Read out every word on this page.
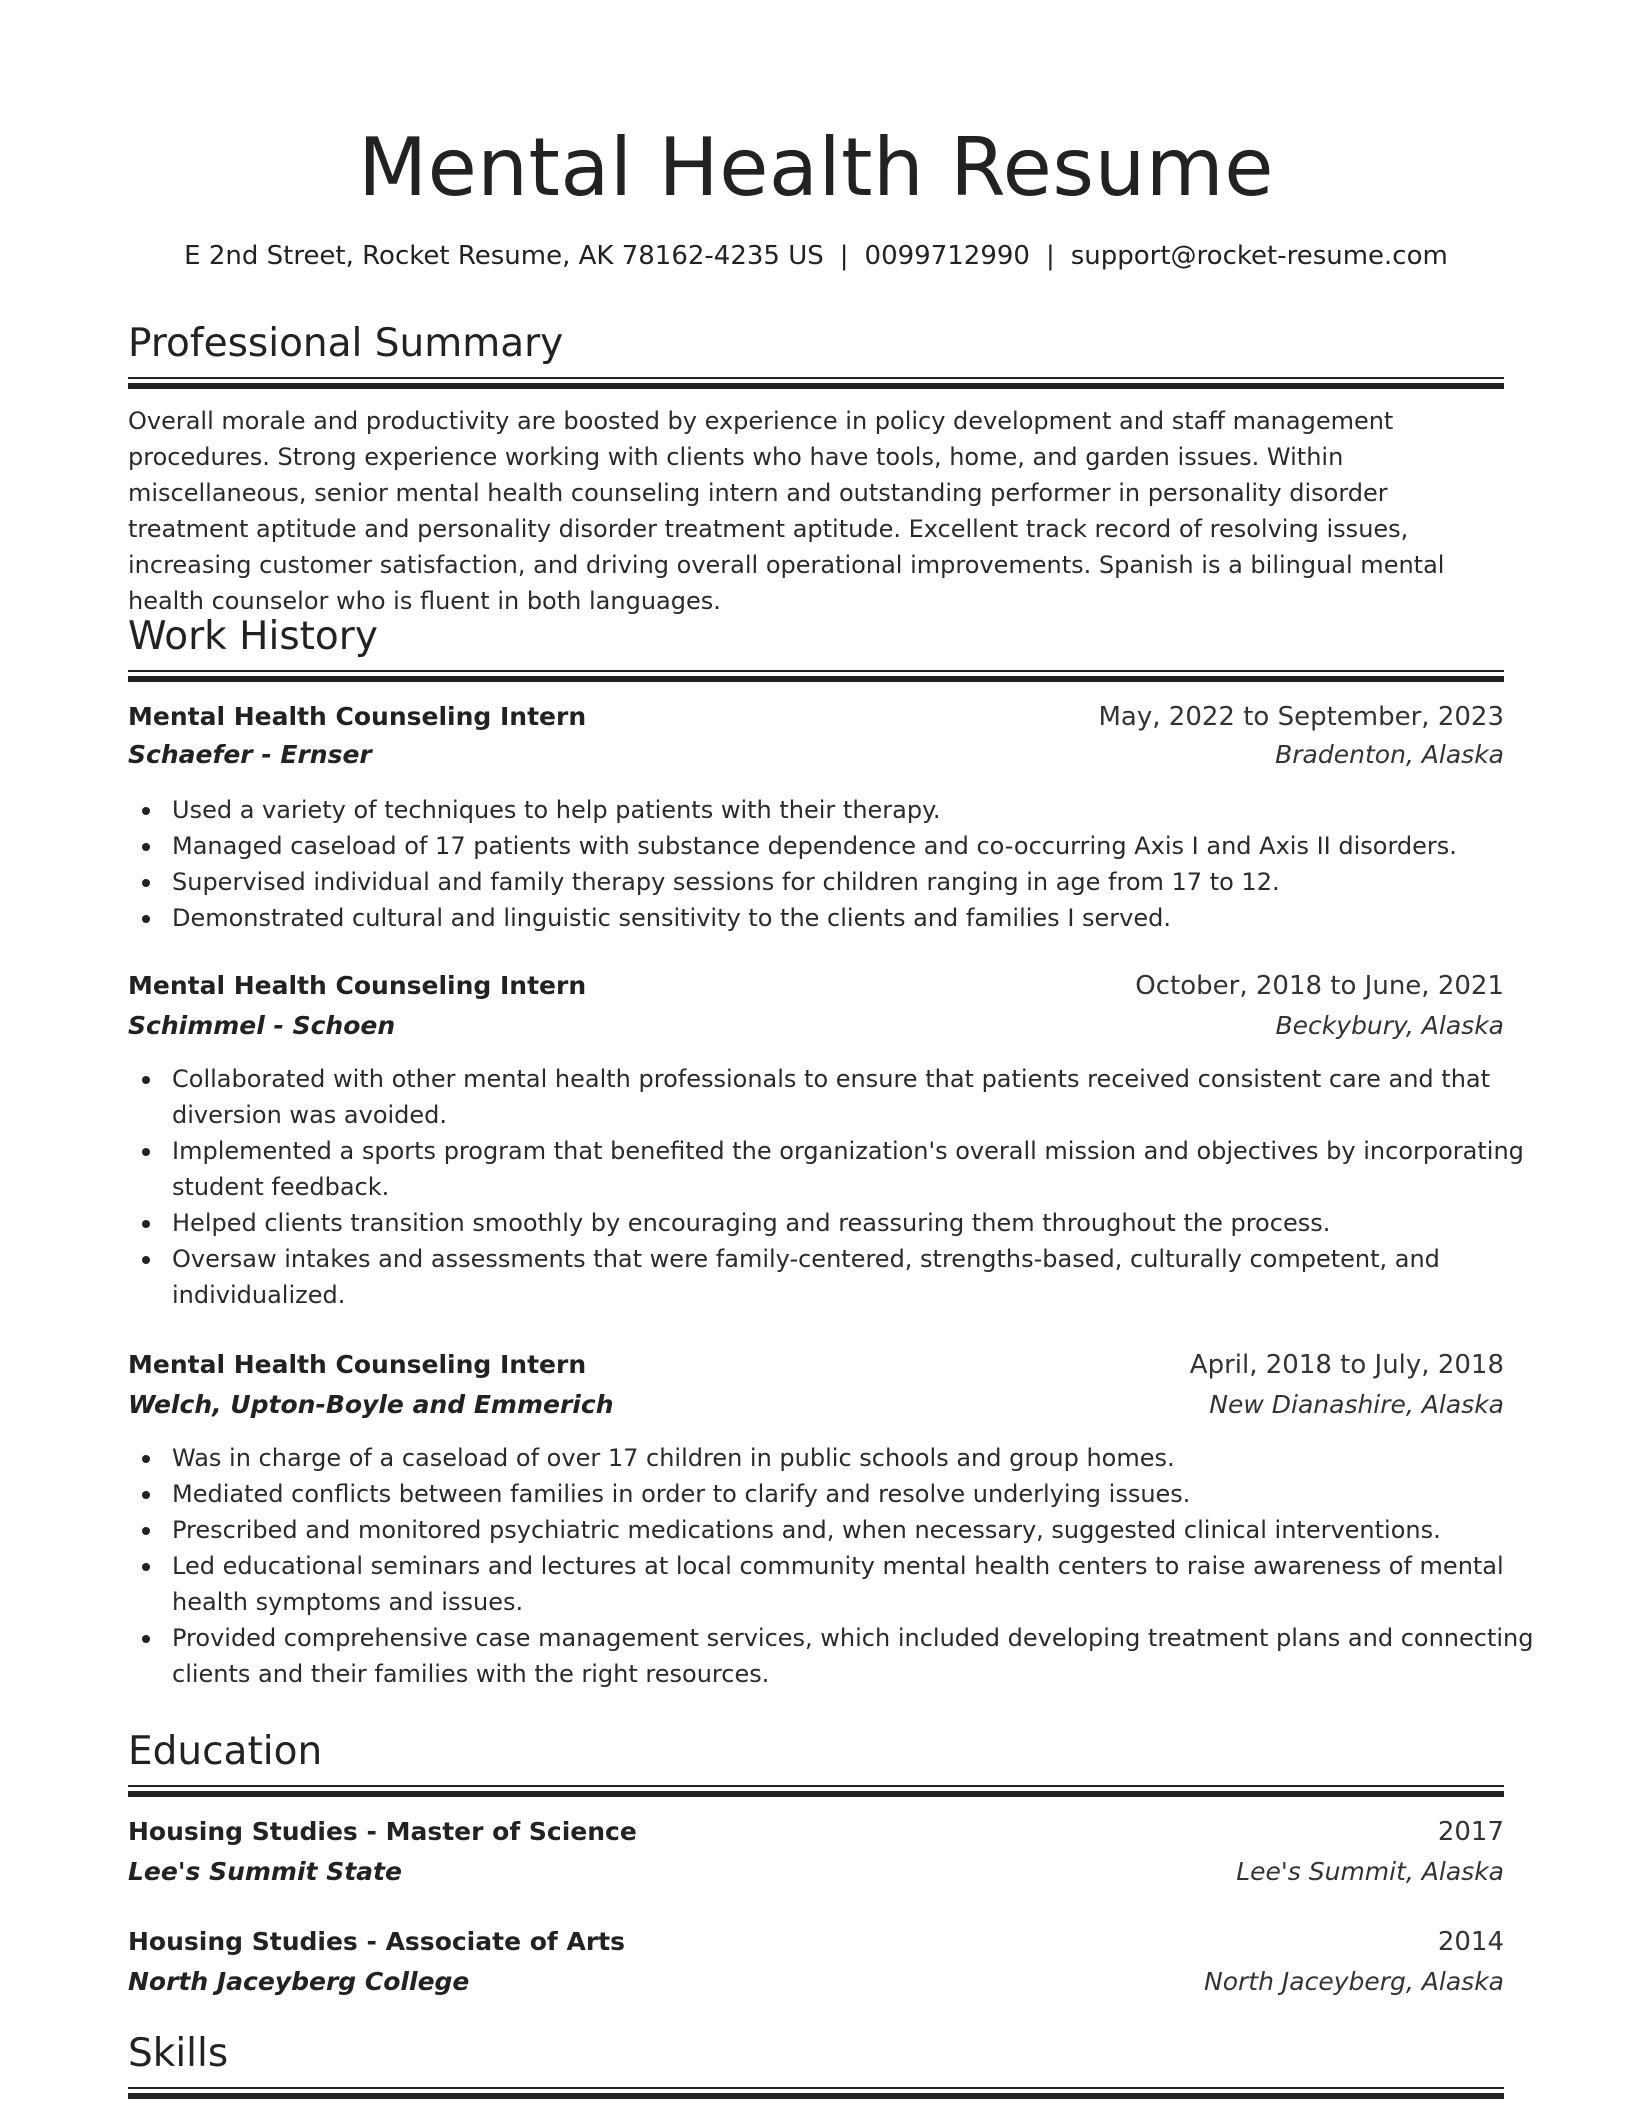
Mental Health Resume
E 2nd Street, Rocket Resume, AK 78162-4235 US | 0099712990 | support@rocket-resume.com
Professional Summary

Overall morale and productivity are boosted by experience in policy development and staff management procedures. Strong experience working with clients who have tools, home, and garden issues. Within miscellaneous, senior mental health counseling intern and outstanding performer in personality disorder treatment aptitude and personality disorder treatment aptitude. Excellent track record of resolving issues, increasing customer satisfaction, and driving overall operational improvements. Spanish is a bilingual mental health counselor who is fluent in both languages.

Work History
Mental Health Counseling Intern	May, 2022 to September, 2023
Schaefer - Ernser	Bradenton, Alaska
Used a variety of techniques to help patients with their therapy.
Managed caseload of 17 patients with substance dependence and co-occurring Axis I and Axis II disorders.
Supervised individual and family therapy sessions for children ranging in age from 17 to 12.
Demonstrated cultural and linguistic sensitivity to the clients and families I served.
Mental Health Counseling Intern	October, 2018 to June, 2021
Schimmel - Schoen	Beckybury, Alaska
Collaborated with other mental health professionals to ensure that patients received consistent care and that diversion was avoided.
Implemented a sports program that benefited the organization's overall mission and objectives by incorporating student feedback.
Helped clients transition smoothly by encouraging and reassuring them throughout the process.
Oversaw intakes and assessments that were family-centered, strengths-based, culturally competent, and individualized.
Mental Health Counseling Intern	April, 2018 to July, 2018
Welch, Upton-Boyle and Emmerich	New Dianashire, Alaska
Was in charge of a caseload of over 17 children in public schools and group homes.
Mediated conflicts between families in order to clarify and resolve underlying issues.
Prescribed and monitored psychiatric medications and, when necessary, suggested clinical interventions.
Led educational seminars and lectures at local community mental health centers to raise awareness of mental health symptoms and issues.
Provided comprehensive case management services, which included developing treatment plans and connecting clients and their families with the right resources.
Education
Housing Studies - Master of Science	2017
Lee's Summit State	Lee's Summit, Alaska
Housing Studies - Associate of Arts	2014
North Jaceyberg College	North Jaceyberg, Alaska
Skills
